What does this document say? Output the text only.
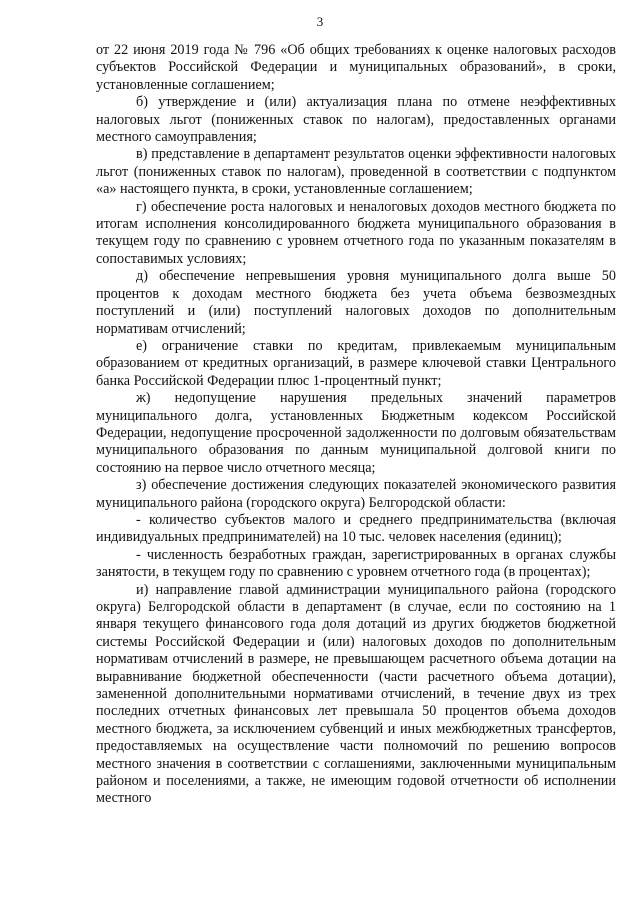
3

от 22 июня 2019 года № 796 «Об общих требованиях к оценке налоговых расходов субъектов Российской Федерации и муниципальных образований», в сроки, установленные соглашением;

б) утверждение и (или) актуализация плана по отмене неэффективных налоговых льгот (пониженных ставок по налогам), предоставленных органами местного самоуправления;

в) представление в департамент результатов оценки эффективности налоговых льгот (пониженных ставок по налогам), проведенной в соответствии с подпунктом «а» настоящего пункта, в сроки, установленные соглашением;

г) обеспечение роста налоговых и неналоговых доходов местного бюджета по итогам исполнения консолидированного бюджета муниципального образования в текущем году по сравнению с уровнем отчетного года по указанным показателям в сопоставимых условиях;

д) обеспечение непревышения уровня муниципального долга выше 50 процентов к доходам местного бюджета без учета объема безвозмездных поступлений и (или) поступлений налоговых доходов по дополнительным нормативам отчислений;

е) ограничение ставки по кредитам, привлекаемым муниципальным образованием от кредитных организаций, в размере ключевой ставки Центрального банка Российской Федерации плюс 1-процентный пункт;

ж) недопущение нарушения предельных значений параметров муниципального долга, установленных Бюджетным кодексом Российской Федерации, недопущение просроченной задолженности по долговым обязательствам муниципального образования по данным муниципальной долговой книги по состоянию на первое число отчетного месяца;

з) обеспечение достижения следующих показателей экономического развития муниципального района (городского округа) Белгородской области:

- количество субъектов малого и среднего предпринимательства (включая индивидуальных предпринимателей) на 10 тыс. человек населения (единиц);

- численность безработных граждан, зарегистрированных в органах службы занятости, в текущем году по сравнению с уровнем отчетного года (в процентах);

и) направление главой администрации муниципального района (городского округа) Белгородской области в департамент (в случае, если по состоянию на 1 января текущего финансового года доля дотаций из других бюджетов бюджетной системы Российской Федерации и (или) налоговых доходов по дополнительным нормативам отчислений в размере, не превышающем расчетного объема дотации на выравнивание бюджетной обеспеченности (части расчетного объема дотации), замененной дополнительными нормативами отчислений, в течение двух из трех последних отчетных финансовых лет превышала 50 процентов объема доходов местного бюджета, за исключением субвенций и иных межбюджетных трансфертов, предоставляемых на осуществление части полномочий по решению вопросов местного значения в соответствии с соглашениями, заключенными муниципальным районом и поселениями, а также, не имеющим годовой отчетности об исполнении местного
